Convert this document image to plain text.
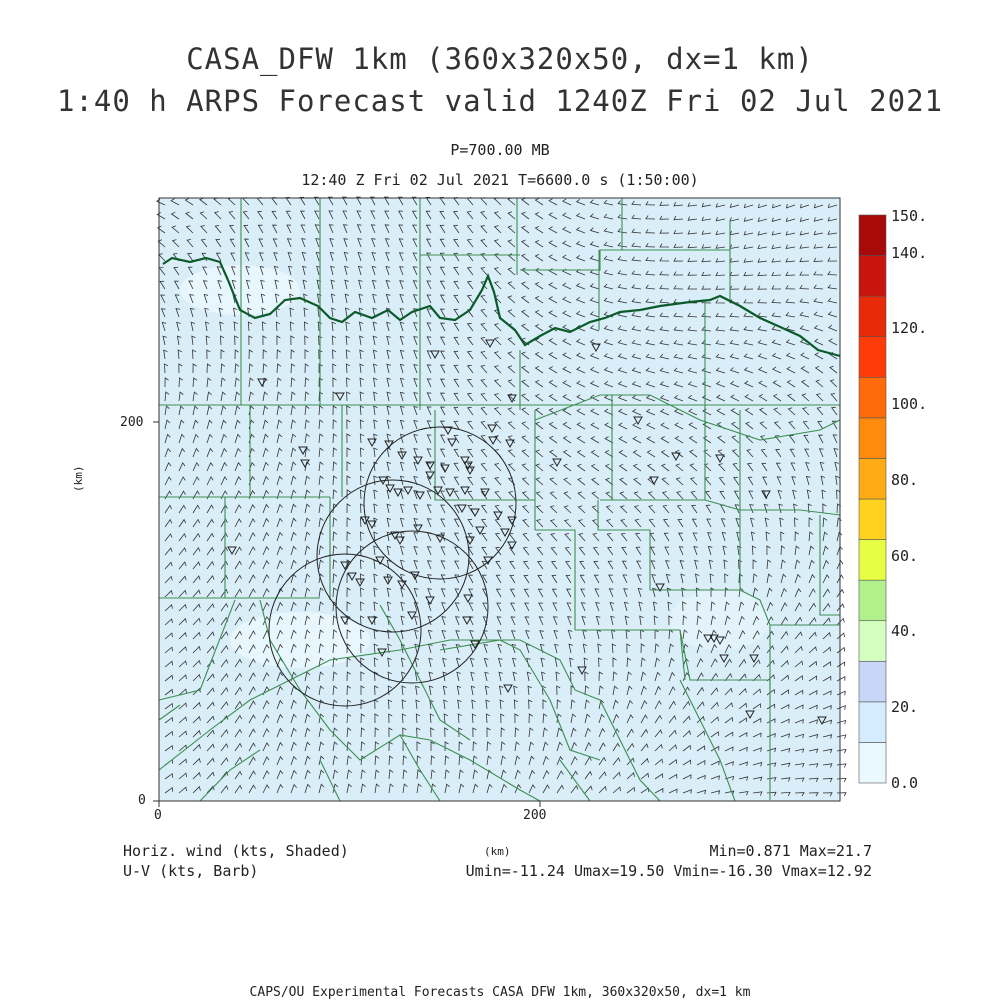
CASA_DFW 1km (360x320x50, dx=1 km)
1:40 h ARPS Forecast valid 1240Z Fri 02 Jul 2021
P=700.00 MB
12:40 Z Fri 02 Jul 2021 T=6600.0 s (1:50:00)
0	200
0
200
(km)
(km)
0.0
20.
40.
60.
80.
100.
120.
140.
150.
Horiz. wind (kts, Shaded)
U-V (kts, Barb)
Min=0.871 Max=21.7
Umin=-11.24 Umax=19.50 Vmin=-16.30 Vmax=12.92
CAPS/OU Experimental Forecasts CASA DFW 1km, 360x320x50, dx=1 km
